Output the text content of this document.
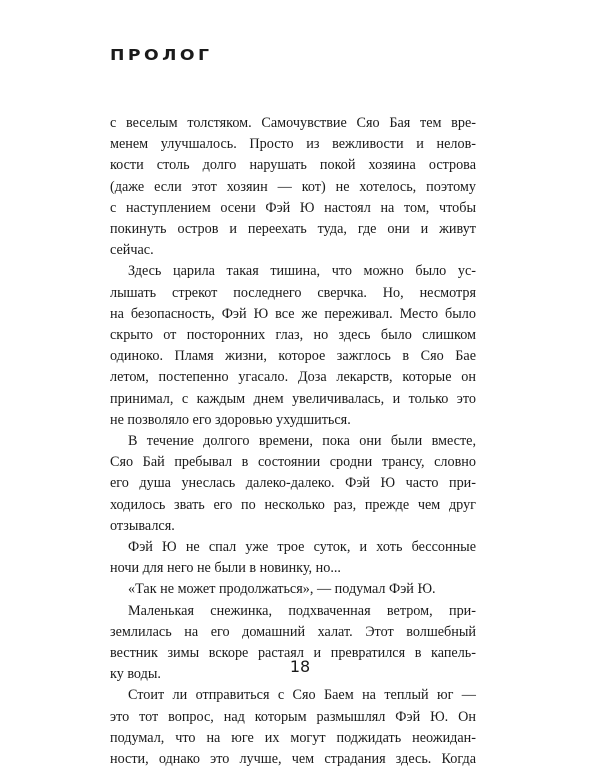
ПРОЛОГ
с веселым толстяком. Самочувствие Сяо Бая тем вре-
менем улучшалось. Просто из вежливости и нелов-
кости столь долго нарушать покой хозяина острова
(даже если этот хозяин — кот) не хотелось, поэтому
с наступлением осени Фэй Ю настоял на том, чтобы
покинуть остров и переехать туда, где они и живут
сейчас.
Здесь царила такая тишина, что можно было ус-
лышать стрекот последнего сверчка. Но, несмотря
на безопасность, Фэй Ю все же переживал. Место было
скрыто от посторонних глаз, но здесь было слишком
одиноко. Пламя жизни, которое зажглось в Сяо Бае
летом, постепенно угасало. Доза лекарств, которые он
принимал, с каждым днем увеличивалась, и только это
не позволяло его здоровью ухудшиться.
В течение долгого времени, пока они были вместе,
Сяо Бай пребывал в состоянии сродни трансу, словно
его душа унеслась далеко-далеко. Фэй Ю часто при-
ходилось звать его по несколько раз, прежде чем друг
отзывался.
Фэй Ю не спал уже трое суток, и хоть бессонные
ночи для него не были в новинку, но...
«Так не может продолжаться», — подумал Фэй Ю.
Маленькая снежинка, подхваченная ветром, при-
землилась на его домашний халат. Этот волшебный
вестник зимы вскоре растаял и превратился в капель-
ку воды.
Стоит ли отправиться с Сяо Баем на теплый юг —
это тот вопрос, над которым размышлял Фэй Ю. Он
подумал, что на юге их могут поджидать неожидан-
ности, однако это лучше, чем страдания здесь. Когда
18
